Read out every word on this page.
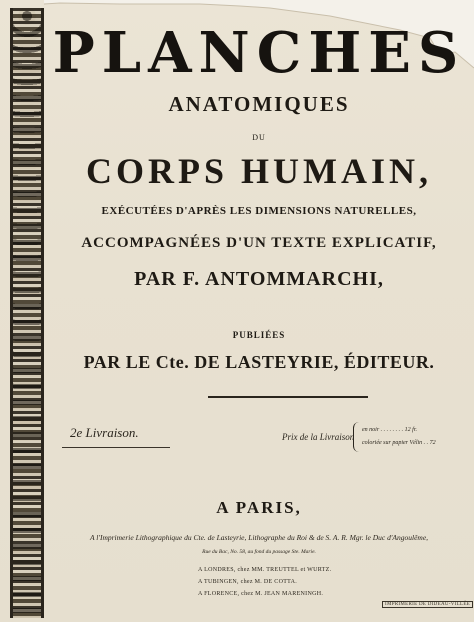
PLANCHES
ANATOMIQUES
DU
CORPS HUMAIN,
EXÉCUTÉES D'APRÈS LES DIMENSIONS NATURELLES,
ACCOMPAGNÉES D'UN TEXTE EXPLICATIF,
PAR F. ANTOMMARCHI,
PUBLIÉES
PAR LE Cte. DE LASTEYRIE, ÉDITEUR.
2e Livraison.	Prix de la Livraison
en noir . . . . . . . . 12 fr.
coloriée sur papier Vélin . . 72
A PARIS,
A l'Imprimerie Lithographique du Cte. de Lasteyrie, Lithographe du Roi & de S. A. R. Mgr. le Duc d'Angoulême,
Rue du Bac, No. 58, au fond du passage Ste. Marie.
A LONDRES, chez MM. TREUTTEL et WURTZ.
A TUBINGEN, chez M. DE COTTA.
A FLORENCE, chez M. JEAN MARENINGH.
IMPRIMERIE DE DIDEAU-VILLÉE
